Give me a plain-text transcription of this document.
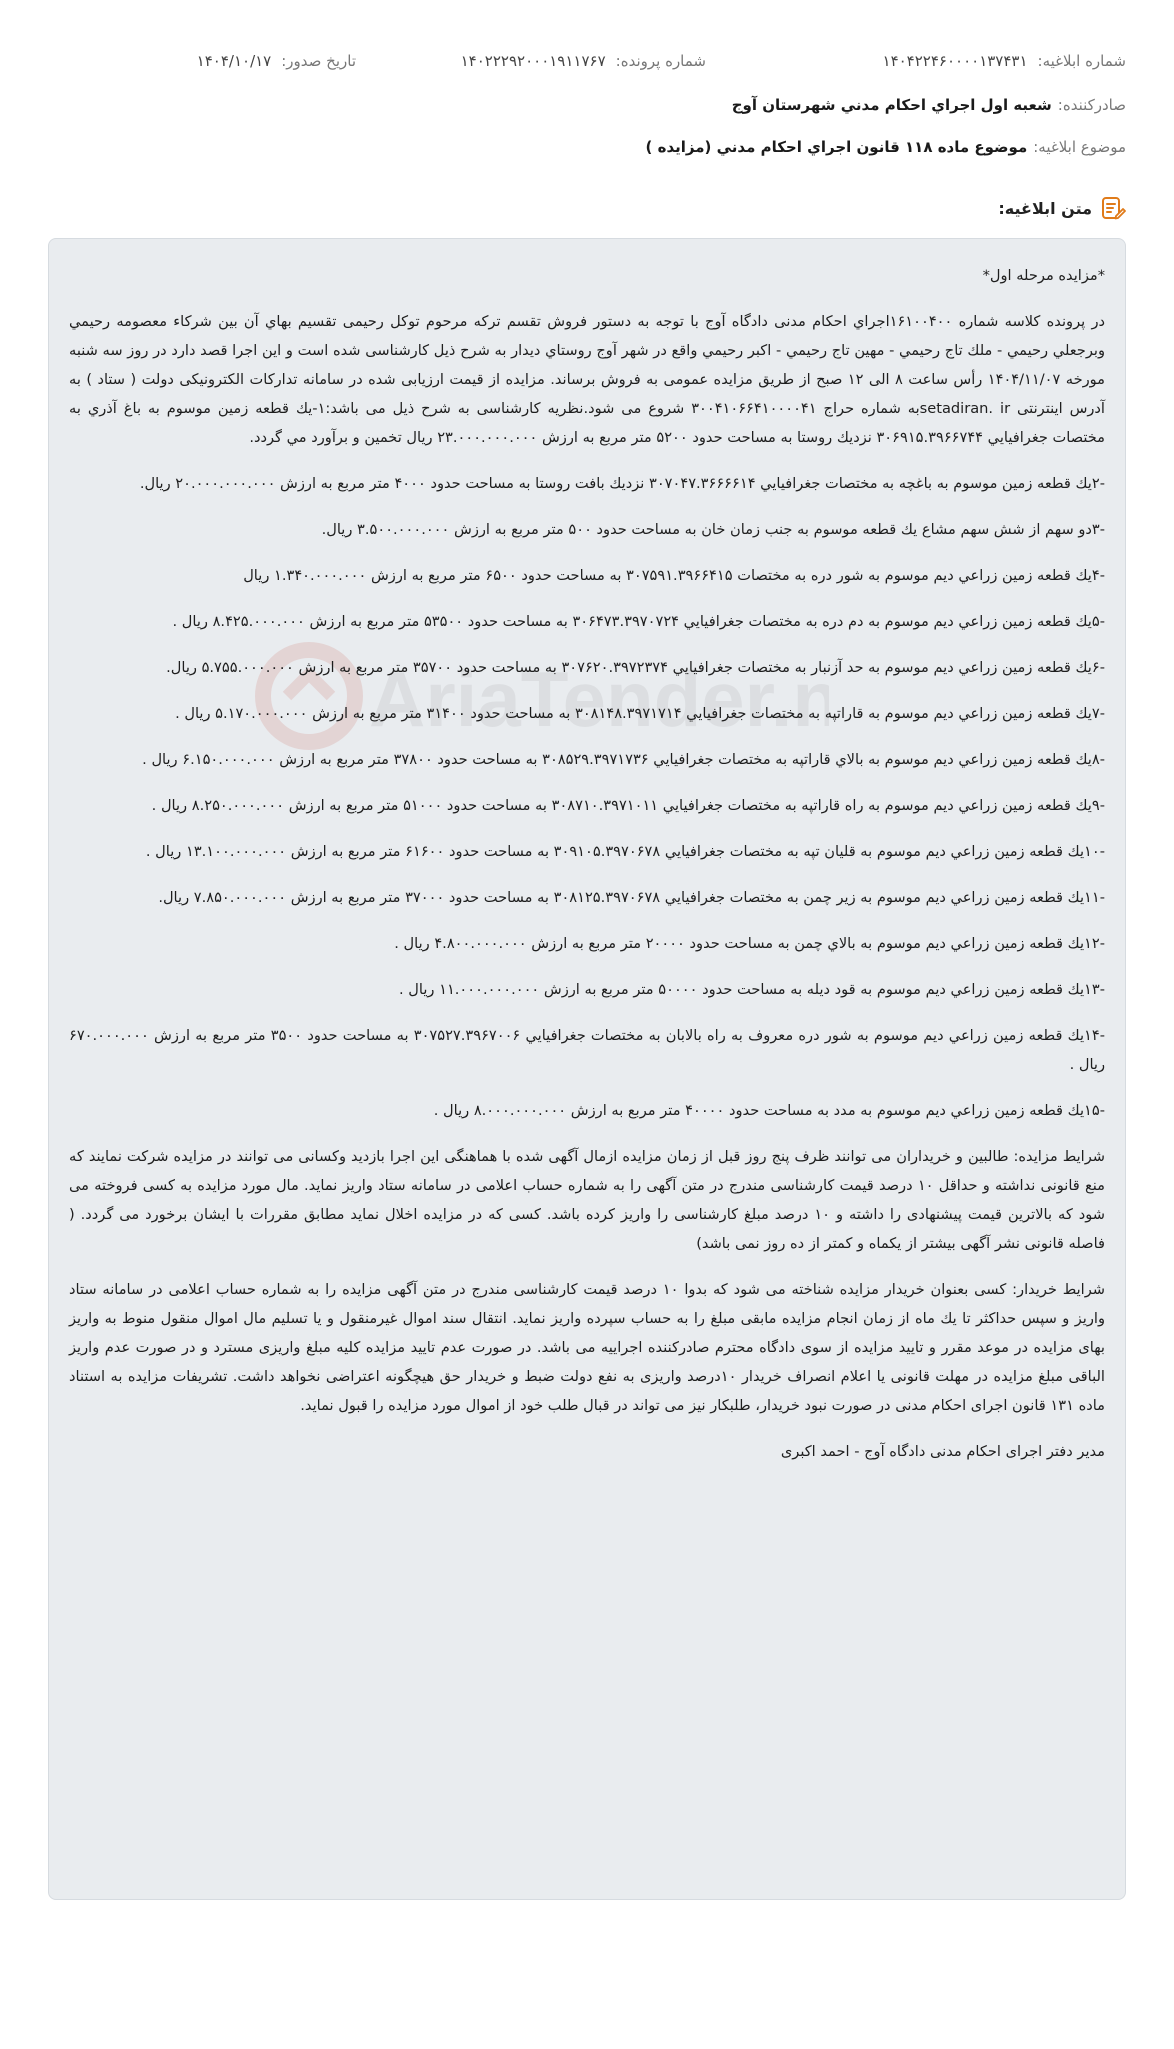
شماره ابلاغیه:۱۴۰۴۲۲۴۶۰۰۰۰۱۳۷۴۳۱
شماره پرونده:۱۴۰۲۲۲۹۲۰۰۰۱۹۱۱۷۶۷
تاریخ صدور:۱۴۰۴/۱۰/۱۷
صادرکننده:شعبه اول اجراي احكام مدني شهرستان آوج
موضوع ابلاغیه:موضوع ماده ۱۱۸ قانون اجراي احكام مدني (مزايده )
متن ابلاغیه:
AriaTender.n

*مزايده مرحله اول*

در پرونده كلاسه شماره ۱۶۱۰۰۴۰۰اجراي احكام مدنى دادگاه آوج با توجه به دستور فروش تقسم تركه مرحوم توكل رحيمى تقسيم بهاي آن بين شركاء معصومه رحيمي وبرجعلي رحيمي - ملك تاج رحيمي - مهين تاج رحيمي - اكبر رحيمي واقع در شهر آوج روستاي ديدار به شرح ذيل كارشناسى شده است و اين اجرا قصد دارد در روز سه شنبه مورخه ۱۴۰۴/۱۱/۰۷ رأس ساعت ۸ الى ۱۲ صبح از طريق مزايده عمومى به فروش برساند. مزايده از قيمت ارزيابى شده در سامانه تداركات الكترونيكى دولت ( ستاد ) به آدرس اينترنتى setadiran. irبه شماره حراج ۳۰۰۴۱۰۶۶۴۱۰۰۰۰۴۱ شروع مى شود.نظريه كارشناسى به شرح ذيل مى باشد:۱-يك قطعه زمين موسوم به باغ آذري به مختصات جغرافيايي ۳۰۶۹۱۵.۳۹۶۶۷۴۴ نزديك روستا به مساحت حدود ۵۲۰۰ متر مربع به ارزش ۲۳.۰۰۰.۰۰۰.۰۰۰ ريال تخمين و برآورد مي گردد.

-۲يك قطعه زمين موسوم به باغچه به مختصات جغرافيايي ۳۰۷۰۴۷.۳۶۶۶۶۱۴ نزديك بافت روستا به مساحت حدود ۴۰۰۰ متر مربع به ارزش ۲۰.۰۰۰.۰۰۰.۰۰۰ ريال.

-۳دو سهم از شش سهم مشاع يك قطعه موسوم به جنب زمان خان به مساحت حدود ۵۰۰ متر مربع به ارزش ۳.۵۰۰.۰۰۰.۰۰۰ ريال.

-۴يك قطعه زمين زراعي ديم موسوم به شور دره به مختصات ۳۰۷۵۹۱.۳۹۶۶۴۱۵ به مساحت حدود ۶۵۰۰ متر مربع به ارزش ۱.۳۴۰.۰۰۰.۰۰۰ ريال

-۵يك قطعه زمين زراعي ديم موسوم به دم دره به مختصات جغرافيايي ۳۰۶۴۷۳.۳۹۷۰۷۲۴ به مساحت حدود ۵۳۵۰۰ متر مربع به ارزش ۸.۴۲۵.۰۰۰.۰۰۰ ريال .

-۶يك قطعه زمين زراعي ديم موسوم به حد آزنبار به مختصات جغرافيايي ۳۰۷۶۲۰.۳۹۷۲۳۷۴ به مساحت حدود ۳۵۷۰۰ متر مربع به ارزش ۵.۷۵۵.۰۰۰.۰۰۰ ريال.

-۷يك قطعه زمين زراعي ديم موسوم به قاراتپه به مختصات جغرافيايي ۳۰۸۱۴۸.۳۹۷۱۷۱۴ به مساحت حدود ۳۱۴۰۰ متر مربع به ارزش ۵.۱۷۰.۰۰۰.۰۰۰ ريال .

-۸يك قطعه زمين زراعي ديم موسوم به بالاي قاراتپه به مختصات جغرافيايي ۳۰۸۵۲۹.۳۹۷۱۷۳۶ به مساحت حدود ۳۷۸۰۰ متر مربع به ارزش ۶.۱۵۰.۰۰۰.۰۰۰ ريال .

-۹يك قطعه زمين زراعي ديم موسوم به راه قاراتپه به مختصات جغرافيايي ۳۰۸۷۱۰.۳۹۷۱۰۱۱ به مساحت حدود ۵۱۰۰۰ متر مربع به ارزش ۸.۲۵۰.۰۰۰.۰۰۰ ريال .

-۱۰يك قطعه زمين زراعي ديم موسوم به قليان تپه به مختصات جغرافيايي ۳۰۹۱۰۵.۳۹۷۰۶۷۸ به مساحت حدود ۶۱۶۰۰ متر مربع به ارزش ۱۳.۱۰۰.۰۰۰.۰۰۰ ريال .

-۱۱يك قطعه زمين زراعي ديم موسوم به زير چمن به مختصات جغرافيايي ۳۰۸۱۲۵.۳۹۷۰۶۷۸ به مساحت حدود ۳۷۰۰۰ متر مربع به ارزش ۷.۸۵۰.۰۰۰.۰۰۰ ريال.

-۱۲يك قطعه زمين زراعي ديم موسوم به بالاي چمن به مساحت حدود ۲۰۰۰۰ متر مربع به ارزش ۴.۸۰۰.۰۰۰.۰۰۰ ريال .

-۱۳يك قطعه زمين زراعي ديم موسوم به قود ديله به مساحت حدود ۵۰۰۰۰ متر مربع به ارزش ۱۱.۰۰۰.۰۰۰.۰۰۰ ريال .

-۱۴يك قطعه زمين زراعي ديم موسوم به شور دره معروف به راه بالابان به مختصات جغرافيايي ۳۰۷۵۲۷.۳۹۶۷۰۰۶ به مساحت حدود ۳۵۰۰ متر مربع به ارزش ۶۷۰.۰۰۰.۰۰۰ ريال .

-۱۵يك قطعه زمين زراعي ديم موسوم به مدد به مساحت حدود ۴۰۰۰۰ متر مربع به ارزش ۸.۰۰۰.۰۰۰.۰۰۰ ريال .

شرايط مزايده: طالبين و خريداران مى توانند ظرف پنج روز قبل از زمان مزايده ازمال آگهى شده با هماهنگى اين اجرا بازديد وكسانى مى توانند در مزايده شركت نمايند كه منع قانونى نداشته و حداقل ۱۰ درصد قيمت كارشناسى مندرج در متن آگهى را به شماره حساب اعلامى در سامانه ستاد واريز نمايد. مال مورد مزايده به كسى فروخته مى شود كه بالاترين قيمت پيشنهادى را داشته و ۱۰ درصد مبلغ كارشناسى را واريز كرده باشد. كسى كه در مزايده اخلال نمايد مطابق مقررات با ايشان برخورد مى گردد. ( فاصله قانونى نشر آگهى بيشتر از يكماه و كمتر از ده روز نمى باشد)

شرايط خريدار: كسى بعنوان خريدار مزايده شناخته مى شود كه بدوا ۱۰ درصد قيمت كارشناسى مندرج در متن آگهى مزايده را به شماره حساب اعلامى در سامانه ستاد واريز و سپس حداكثر تا يك ماه از زمان انجام مزايده مابقى مبلغ را به حساب سپرده واريز نمايد. انتقال سند اموال غيرمنقول و يا تسليم مال اموال منقول منوط به واريز بهاى مزايده در موعد مقرر و تاييد مزايده از سوى دادگاه محترم صادركننده اجراييه مى باشد. در صورت عدم تاييد مزايده كليه مبلغ واريزى مسترد و در صورت عدم واريز الباقى مبلغ مزايده در مهلت قانونى يا اعلام انصراف خريدار ۱۰درصد واريزى به نفع دولت ضبط و خريدار حق هيچگونه اعتراضى نخواهد داشت. تشريفات مزايده به استناد ماده ۱۳۱ قانون اجراى احكام مدنى در صورت نبود خريدار، طلبكار نيز مى تواند در قبال طلب خود از اموال مورد مزايده را قبول نمايد.

مدير دفتر اجراى احكام مدنى دادگاه آوج - احمد اكبرى
